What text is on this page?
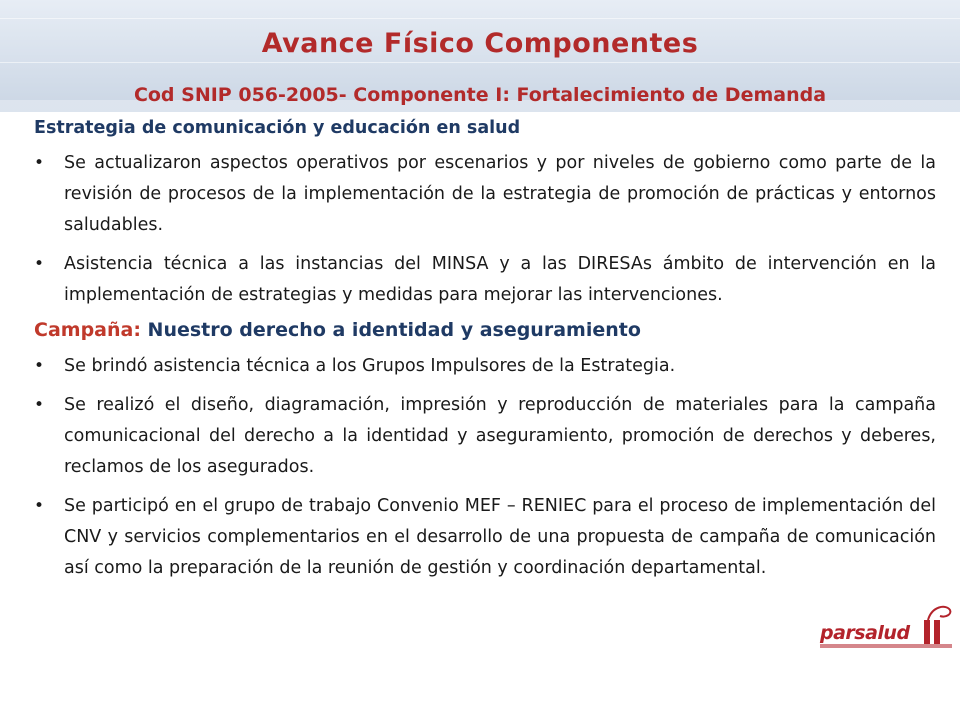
Avance Físico Componentes
Cod SNIP 056-2005- Componente I: Fortalecimiento de Demanda
Estrategia de comunicación y educación en salud
•	Se actualizaron aspectos operativos por escenarios y por niveles de gobierno como parte de la revisión de procesos de la implementación de la estrategia de promoción de prácticas y entornos saludables.
•	Asistencia técnica a las instancias del MINSA y a las DIRESAs ámbito de intervención en la implementación de estrategias y medidas para mejorar las intervenciones.
Campaña: Nuestro derecho a identidad y aseguramiento
•	Se brindó asistencia técnica a los Grupos Impulsores de la Estrategia.
•	Se realizó el diseño, diagramación, impresión y reproducción de materiales para la campaña comunicacional del derecho a la identidad y aseguramiento, promoción de derechos y deberes, reclamos de los asegurados.
•	Se participó en el grupo de trabajo Convenio MEF – RENIEC para el proceso de implementación del CNV y servicios complementarios en el desarrollo de una propuesta de campaña de comunicación así como la preparación de la reunión de gestión y coordinación departamental.
parsalud
